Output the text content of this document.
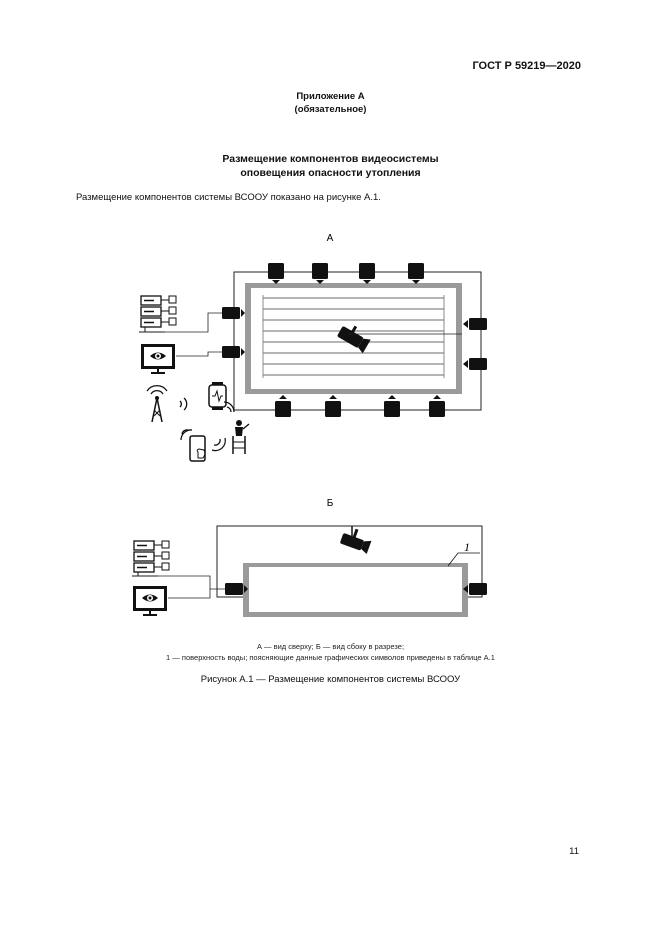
ГОСТ Р 59219—2020
Приложение А
(обязательное)
Размещение компонентов видеосистемы
оповещения опасности утопления
Размещение компонентов системы ВСООУ показано на рисунке А.1.
А
Б
1
А — вид сверху; Б — вид сбоку в разрезе;
1 — поверхность воды; поясняющие данные графических символов приведены в таблице А.1
Рисунок А.1 — Размещение компонентов системы ВСООУ
11
